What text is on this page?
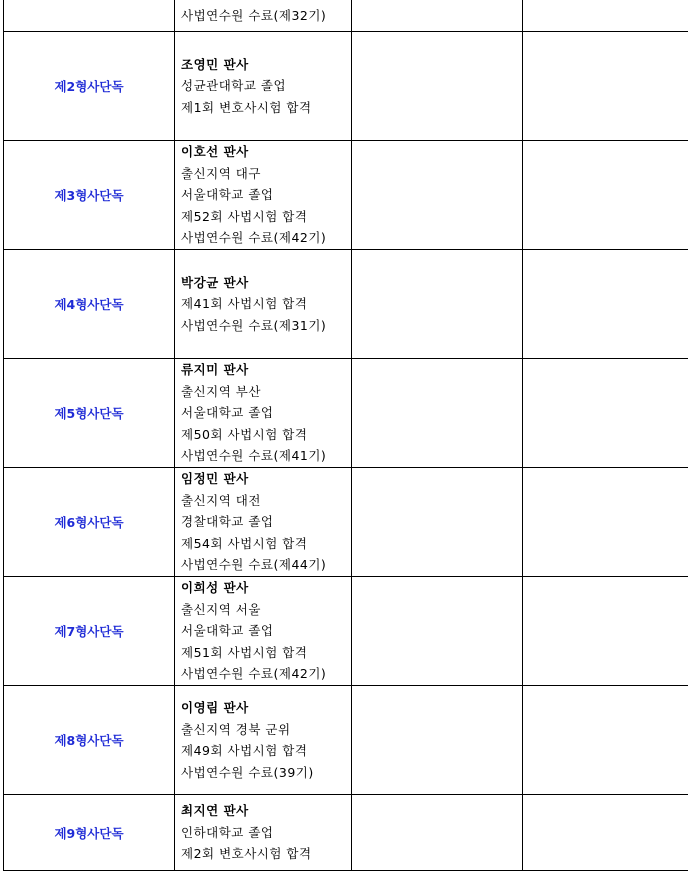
	사법연수원 수료(제32기)		

제2형사단독	조영민 판사
성균관대학교 졸업
제1회 변호사시험 합격		

제3형사단독	이호선 판사
출신지역 대구
서울대학교 졸업
제52회 사법시험 합격
사법연수원 수료(제42기)		

제4형사단독	박강균 판사
제41회 사법시험 합격
사법연수원 수료(제31기)		

제5형사단독	류지미 판사
출신지역 부산
서울대학교 졸업
제50회 사법시험 합격
사법연수원 수료(제41기)		

제6형사단독	임정민 판사
출신지역 대전
경찰대학교 졸업
제54회 사법시험 합격
사법연수원 수료(제44기)		

제7형사단독	이희성 판사
출신지역 서울
서울대학교 졸업
제51회 사법시험 합격
사법연수원 수료(제42기)		

제8형사단독	이영림 판사
출신지역 경북 군위
제49회 사법시험 합격
사법연수원 수료(39기)		

제9형사단독	최지연 판사
인하대학교 졸업
제2회 변호사시험 합격		
